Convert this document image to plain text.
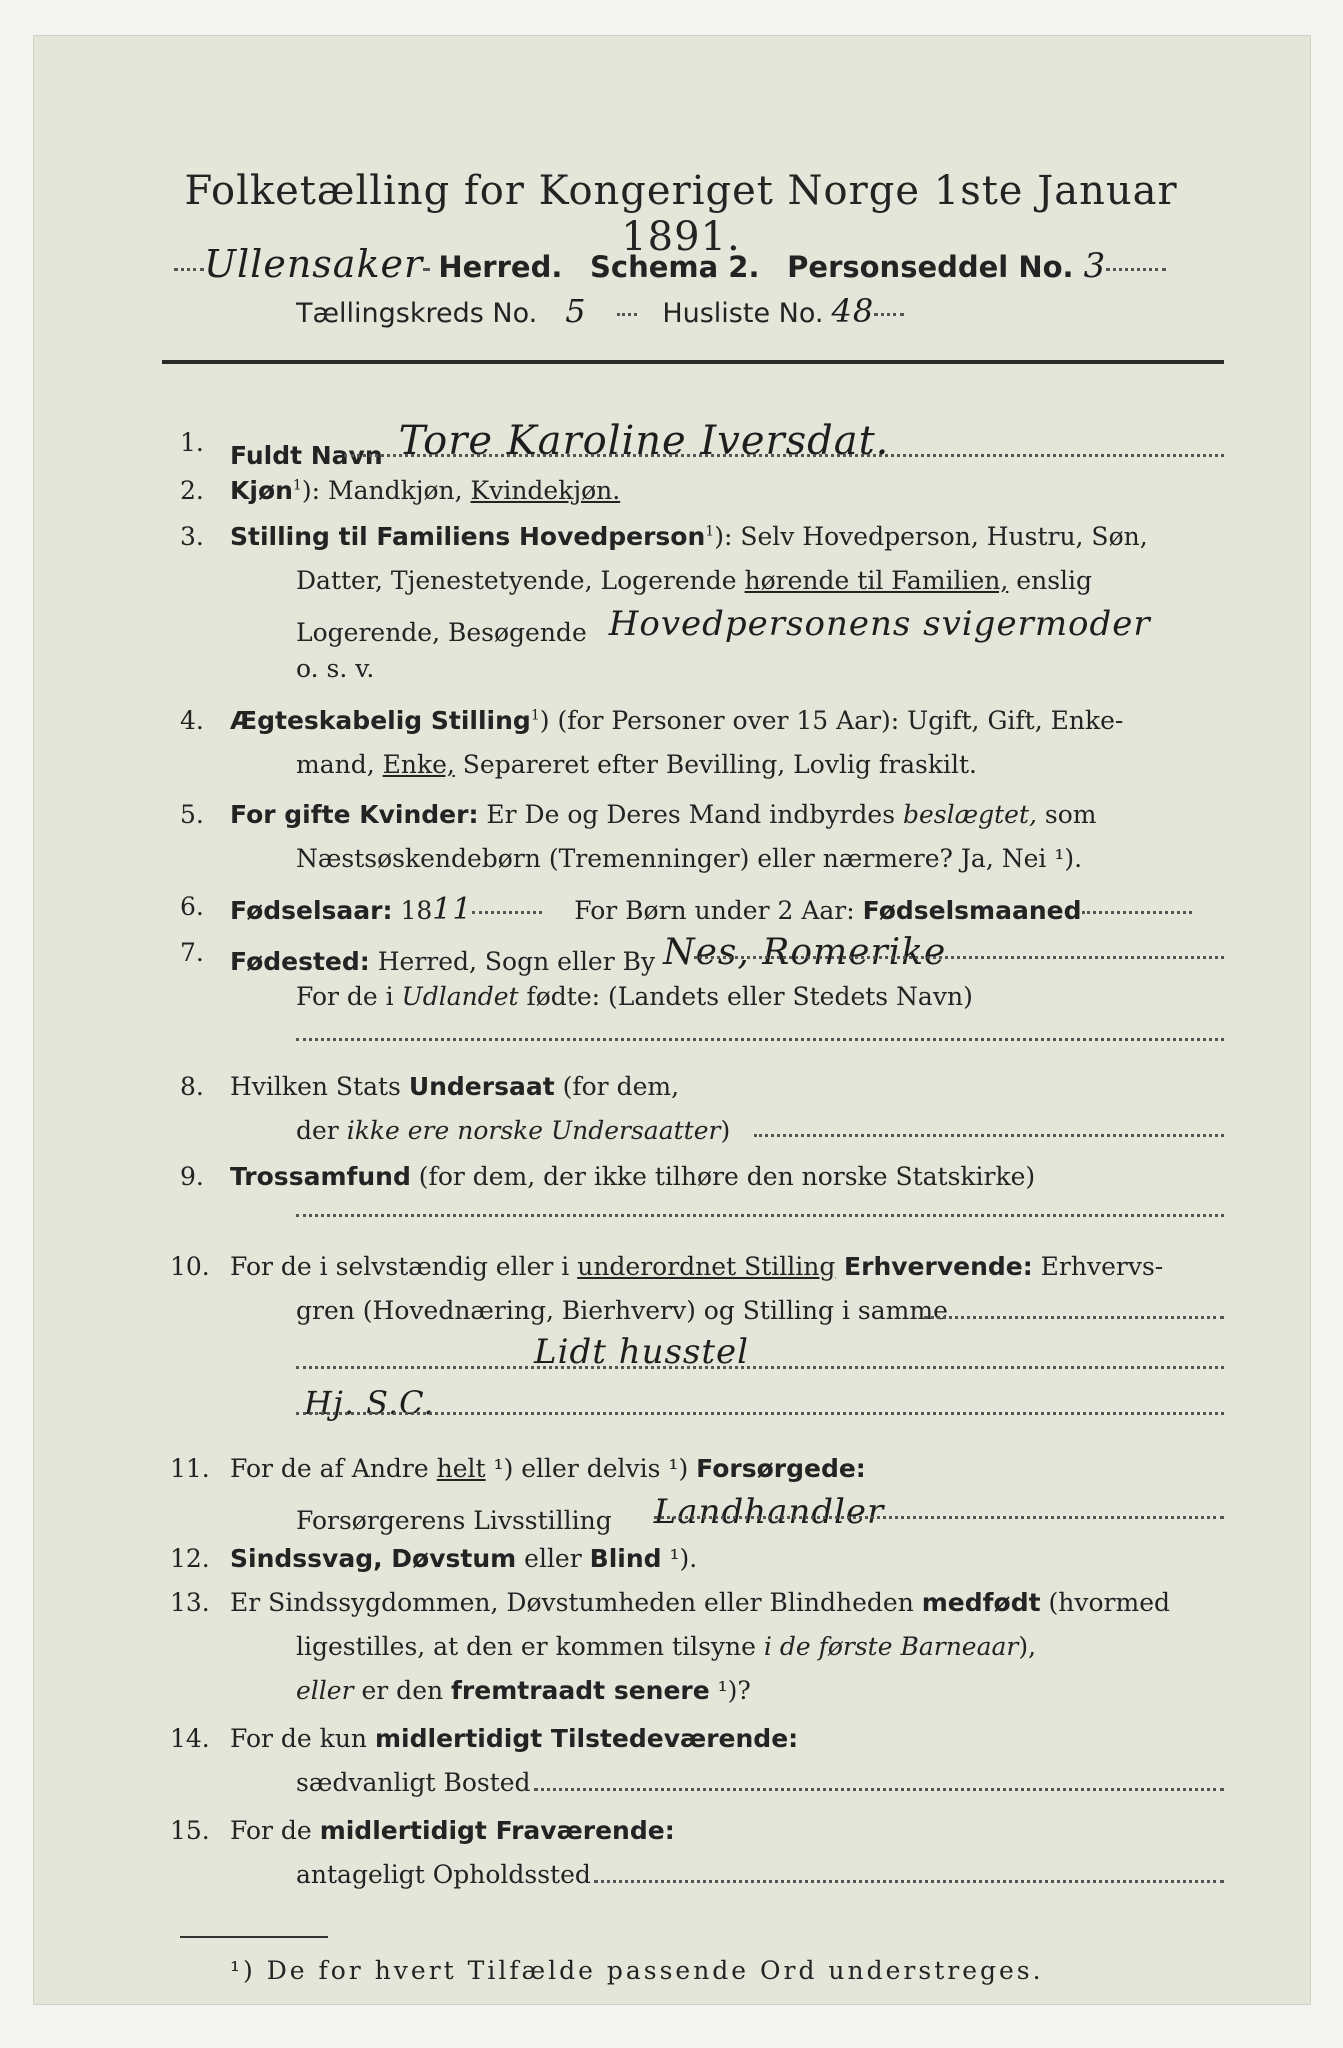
Folketælling for Kongeriget Norge 1ste Januar 1891.
Ullensaker Herred. Schema 2. Personseddel No. 3
Tællingskreds No. 5	Husliste No. 48
1. Fuldt Navn Tore Karoline Iversdat.
2. Kjøn$^1$): Mandkjøn, Kvindekjøn.
3. Stilling til Familiens Hovedperson$^1$): Selv Hovedperson, Hustru, Søn,
Datter, Tjenestetyende, Logerende hørende til Familien, enslig
Logerende, Besøgende Hovedpersonens svigermoder
o. s. v.
4. Ægteskabelig Stilling$^1$) (for Personer over 15 Aar): Ugift, Gift, Enke-
mand, Enke, Separeret efter Bevilling, Lovlig fraskilt.
5. For gifte Kvinder: Er De og Deres Mand indbyrdes beslægtet, som
Næstsøskendebørn (Tremenninger) eller nærmere? Ja, Nei ¹).
6. Fødselsaar: 1811	For Børn under 2 Aar: Fødselsmaaned
7. Fødested: Herred, Sogn eller By Nes, Romerike
For de i Udlandet fødte: (Landets eller Stedets Navn)
8. Hvilken Stats Undersaat (for dem,
der ikke ere norske Undersaatter)
9. Trossamfund (for dem, der ikke tilhøre den norske Statskirke)
10. For de i selvstændig eller i underordnet Stilling Erhvervende: Erhvervs-
gren (Hovednæring, Bierhverv) og Stilling i samme
Lidt husstel
Hj. S.C.
11. For de af Andre helt ¹) eller delvis ¹) Forsørgede:
Forsørgerens Livsstilling Landhandler
12. Sindssvag, Døvstum eller Blind ¹).
13. Er Sindssygdommen, Døvstumheden eller Blindheden medfødt (hvormed
ligestilles, at den er kommen tilsyne i de første Barneaar),
eller er den fremtraadt senere ¹)?
14. For de kun midlertidigt Tilstedeværende:
sædvanligt Bosted
15. For de midlertidigt Fraværende:
antageligt Opholdssted
¹) De for hvert Tilfælde passende Ord understreges.
